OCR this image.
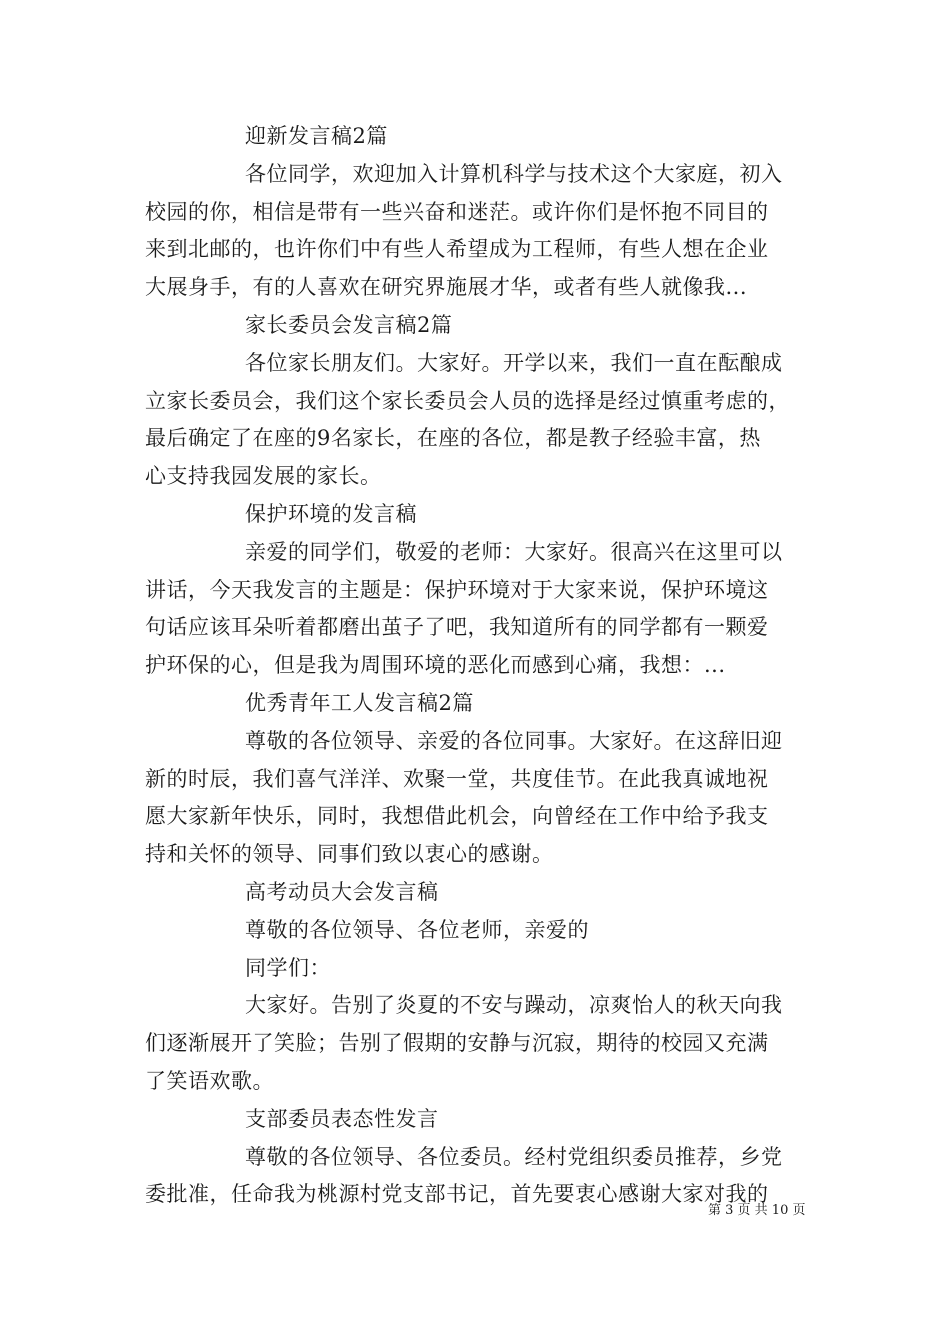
迎新发言稿2篇
各位同学，欢迎加入计算机科学与技术这个大家庭，初入
校园的你，相信是带有一些兴奋和迷茫。或许你们是怀抱不同目的
来到北邮的，也许你们中有些人希望成为工程师，有些人想在企业
大展身手，有的人喜欢在研究界施展才华，或者有些人就像我...
家长委员会发言稿2篇
各位家长朋友们。大家好。开学以来，我们一直在酝酿成
立家长委员会，我们这个家长委员会人员的选择是经过慎重考虑的，
最后确定了在座的9名家长，在座的各位，都是教子经验丰富，热
心支持我园发展的家长。
保护环境的发言稿
亲爱的同学们，敬爱的老师：大家好。很高兴在这里可以
讲话，今天我发言的主题是：保护环境对于大家来说，保护环境这
句话应该耳朵听着都磨出茧子了吧，我知道所有的同学都有一颗爱
护环保的心，但是我为周围环境的恶化而感到心痛，我想：...
优秀青年工人发言稿2篇
尊敬的各位领导、亲爱的各位同事。大家好。在这辞旧迎
新的时辰，我们喜气洋洋、欢聚一堂，共度佳节。在此我真诚地祝
愿大家新年快乐，同时，我想借此机会，向曾经在工作中给予我支
持和关怀的领导、同事们致以衷心的感谢。
高考动员大会发言稿
尊敬的各位领导、各位老师，亲爱的
同学们：
大家好。告别了炎夏的不安与躁动，凉爽怡人的秋天向我
们逐渐展开了笑脸；告别了假期的安静与沉寂，期待的校园又充满
了笑语欢歌。
支部委员表态性发言
尊敬的各位领导、各位委员。经村党组织委员推荐，乡党
委批准，任命我为桃源村党支部书记，首先要衷心感谢大家对我的
第 3 页 共 10 页
